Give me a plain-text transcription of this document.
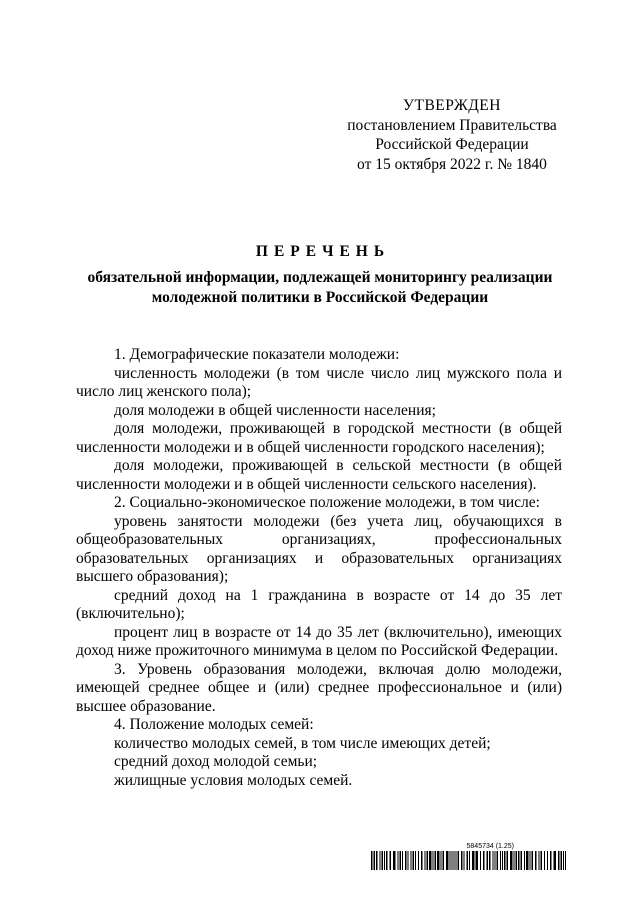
УТВЕРЖДЕН
постановлением Правительства
Российской Федерации
от 15 октября 2022 г. № 1840
ПЕРЕЧЕНЬ
обязательной информации, подлежащей мониторингу реализации молодежной политики в Российской Федерации

1. Демографические показатели молодежи:

численность молодежи (в том числе число лиц мужского пола и число лиц женского пола);

доля молодежи в общей численности населения;

доля молодежи, проживающей в городской местности (в общей численности молодежи и в общей численности городского населения);

доля молодежи, проживающей в сельской местности (в общей численности молодежи и в общей численности сельского населения).

2. Социально-экономическое положение молодежи, в том числе:

уровень занятости молодежи (без учета лиц, обучающихся в общеобразовательных организациях, профессиональных образовательных организациях и образовательных организациях высшего образования);

средний доход на 1 гражданина в возрасте от 14 до 35 лет (включительно);

процент лиц в возрасте от 14 до 35 лет (включительно), имеющих доход ниже прожиточного минимума в целом по Российской Федерации.

3. Уровень образования молодежи, включая долю молодежи, имеющей среднее общее и (или) среднее профессиональное и (или) высшее образование.

4. Положение молодых семей:

количество молодых семей, в том числе имеющих детей;

средний доход молодой семьи;

жилищные условия молодых семей.

5845734 (1.25)
